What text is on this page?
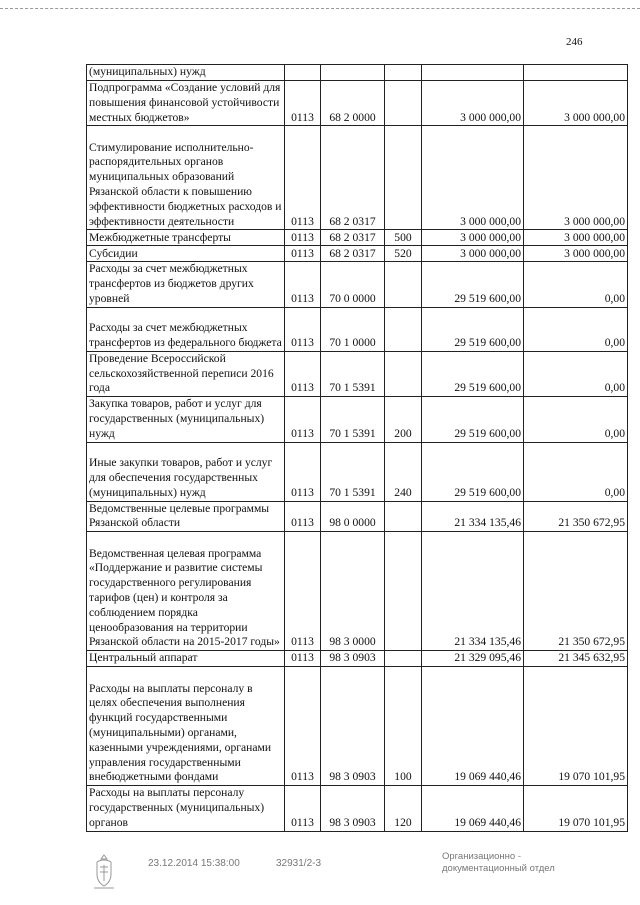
246
(муниципальных) нужд					
Подпрограмма «Создание условий для повышения финансовой устойчивости местных бюджетов»	0113	68 2 0000		3 000 000,00	3 000 000,00
Стимулирование исполнительно-распорядительных органов муниципальных образований Рязанской области к повышению эффективности бюджетных расходов и эффективности деятельности	0113	68 2 0317		3 000 000,00	3 000 000,00
Межбюджетные трансферты	0113	68 2 0317	500	3 000 000,00	3 000 000,00
Субсидии	0113	68 2 0317	520	3 000 000,00	3 000 000,00
Расходы за счет межбюджетных трансфертов из бюджетов других уровней	0113	70 0 0000		29 519 600,00	0,00
Расходы за счет межбюджетных трансфертов из федерального бюджета	0113	70 1 0000		29 519 600,00	0,00
Проведение Всероссийской сельскохозяйственной переписи 2016 года	0113	70 1 5391		29 519 600,00	0,00
Закупка товаров, работ и услуг для государственных (муниципальных) нужд	0113	70 1 5391	200	29 519 600,00	0,00
Иные закупки товаров, работ и услуг для обеспечения государственных (муниципальных) нужд	0113	70 1 5391	240	29 519 600,00	0,00
Ведомственные целевые программы Рязанской области	0113	98 0 0000		21 334 135,46	21 350 672,95
Ведомственная целевая программа «Поддержание и развитие системы государственного регулирования тарифов (цен) и контроля за соблюдением порядка ценообразования на территории Рязанской области на 2015-2017 годы»	0113	98 3 0000		21 334 135,46	21 350 672,95
Центральный аппарат	0113	98 3 0903		21 329 095,46	21 345 632,95
Расходы на выплаты персоналу в целях обеспечения выполнения функций государственными (муниципальными) органами, казенными учреждениями, органами управления государственными внебюджетными фондами	0113	98 3 0903	100	19 069 440,46	19 070 101,95
Расходы на выплаты персоналу государственных (муниципальных) органов	0113	98 3 0903	120	19 069 440,46	19 070 101,95
23.12.2014 15:38:00	32931/2-3
Организационно -
документационный отдел
